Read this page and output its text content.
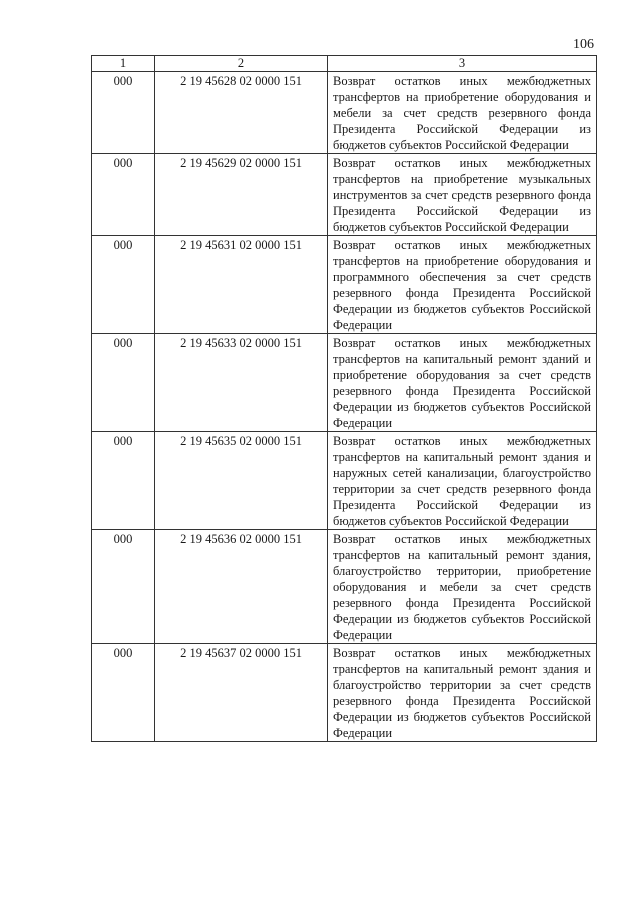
106
1	2	3
000	2 19 45628 02 0000 151	Возврат остатков иных межбюджетных трансфертов на приобретение оборудования и мебели за счет средств резервного фонда Президента Российской Федерации из бюджетов субъектов Российской Федерации
000	2 19 45629 02 0000 151	Возврат остатков иных межбюджетных трансфертов на приобретение музыкальных инструментов за счет средств резервного фонда Президента Российской Федерации из бюджетов субъектов Российской Федерации
000	2 19 45631 02 0000 151	Возврат остатков иных межбюджетных трансфертов на приобретение оборудования и программного обеспечения за счет средств резервного фонда Президента Российской Федерации из бюджетов субъектов Российской Федерации
000	2 19 45633 02 0000 151	Возврат остатков иных межбюджетных трансфертов на капитальный ремонт зданий и приобретение оборудования за счет средств резервного фонда Президента Российской Федерации из бюджетов субъектов Российской Федерации
000	2 19 45635 02 0000 151	Возврат остатков иных межбюджетных трансфертов на капитальный ремонт здания и наружных сетей канализации, благоустройство территории за счет средств резервного фонда Президента Российской Федерации из бюджетов субъектов Российской Федерации
000	2 19 45636 02 0000 151	Возврат остатков иных межбюджетных трансфертов на капитальный ремонт здания, благоустройство территории, приобретение оборудования и мебели за счет средств резервного фонда Президента Российской Федерации из бюджетов субъектов Российской Федерации
000	2 19 45637 02 0000 151	Возврат остатков иных межбюджетных трансфертов на капитальный ремонт здания и благоустройство территории за счет средств резервного фонда Президента Российской Федерации из бюджетов субъектов Российской Федерации
